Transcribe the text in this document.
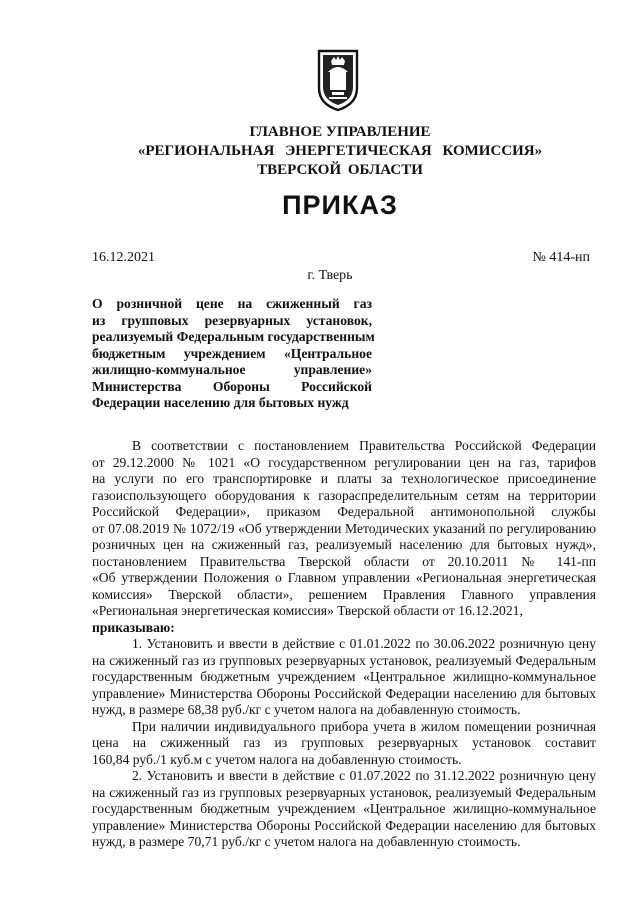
ГЛАВНОЕ УПРАВЛЕНИЕ
«РЕГИОНАЛЬНАЯ ЭНЕРГЕТИЧЕСКАЯ КОМИССИЯ»
ТВЕРСКОЙ ОБЛАСТИ
ПРИКАЗ
16.12.2021	№ 414-нп
г. Тверь
О розничной цене на сжиженный газ
из групповых резервуарных установок,
реализуемый Федеральным государственным
бюджетным учреждением «Центральное
жилищно-коммунальное управление»
Министерства Обороны Российской
Федерации населению для бытовых нужд
В соответствии с постановлением Правительства Российской Федерации
от 29.12.2000 № 1021 «О государственном регулировании цен на газ, тарифов
на услуги по его транспортировке и платы за технологическое присоединение
газоиспользующего оборудования к газораспределительным сетям на территории
Российской Федерации», приказом Федеральной антимонопольной службы
от 07.08.2019 № 1072/19 «Об утверждении Методических указаний по регулированию
розничных цен на сжиженный газ, реализуемый населению для бытовых нужд»,
постановлением Правительства Тверской области от 20.10.2011 № 141-пп
«Об утверждении Положения о Главном управлении «Региональная энергетическая
комиссия» Тверской области», решением Правления Главного управления
«Региональная энергетическая комиссия» Тверской области от 16.12.2021,
приказываю:
1. Установить и ввести в действие с 01.01.2022 по 30.06.2022 розничную цену
на сжиженный газ из групповых резервуарных установок, реализуемый Федеральным
государственным бюджетным учреждением «Центральное жилищно-коммунальное
управление» Министерства Обороны Российской Федерации населению для бытовых
нужд, в размере 68,38 руб./кг с учетом налога на добавленную стоимость.
При наличии индивидуального прибора учета в жилом помещении розничная
цена на сжиженный газ из групповых резервуарных установок составит
160,84 руб./1 куб.м с учетом налога на добавленную стоимость.
2. Установить и ввести в действие с 01.07.2022 по 31.12.2022 розничную цену
на сжиженный газ из групповых резервуарных установок, реализуемый Федеральным
государственным бюджетным учреждением «Центральное жилищно-коммунальное
управление» Министерства Обороны Российской Федерации населению для бытовых
нужд, в размере 70,71 руб./кг с учетом налога на добавленную стоимость.
